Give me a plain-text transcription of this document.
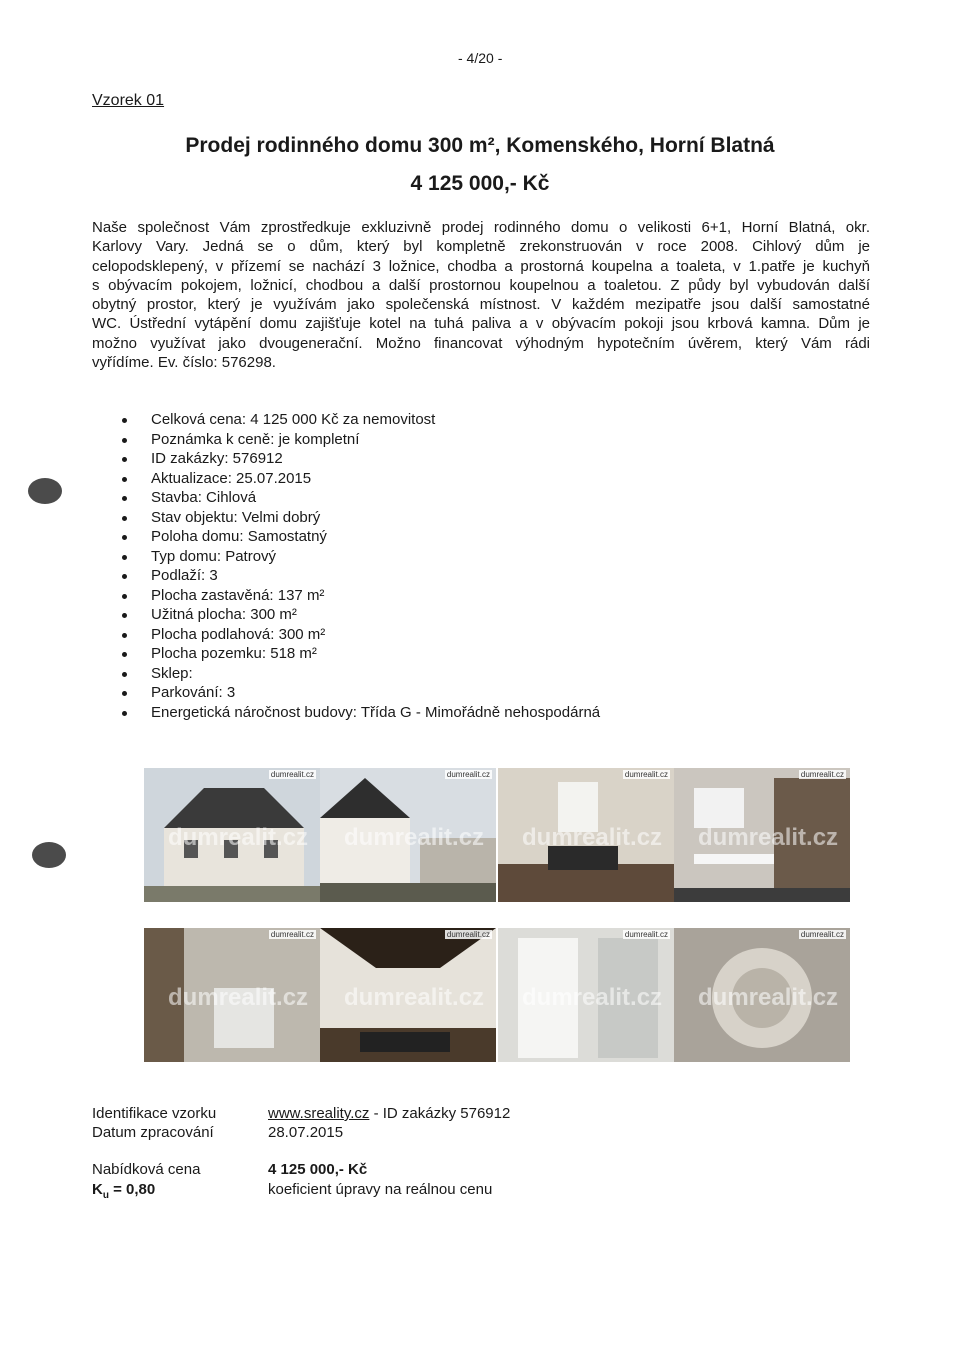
- 4/20 -
Vzorek 01
Prodej rodinného domu 300 m², Komenského, Horní Blatná
4 125 000,- Kč
Naše společnost Vám zprostředkuje exkluzivně prodej rodinného domu o velikosti 6+1, Horní Blatná, okr.
Karlovy Vary. Jedná se o dům, který byl kompletně zrekonstruován v roce 2008. Cihlový dům je
celopodsklepený, v přízemí se nachází 3 ložnice, chodba a prostorná koupelna a toaleta, v 1.patře je kuchyň
s obývacím pokojem, ložnicí, chodbou a další prostornou koupelnou a toaletou. Z půdy byl vybudován další
obytný prostor, který je využívám jako společenská místnost. V každém mezipatře jsou další samostatné
WC. Ústřední vytápění domu zajišťuje kotel na tuhá paliva a v obývacím pokoji jsou krbová kamna. Dům je
možno využívat jako dvougenerační. Možno financovat výhodným hypotečním úvěrem, který Vám rádi
vyřídíme. Ev. číslo: 576298.
Celková cena: 4 125 000 Kč za nemovitost
Poznámka k ceně: je kompletní
ID zakázky: 576912
Aktualizace: 25.07.2015
Stavba: Cihlová
Stav objektu: Velmi dobrý
Poloha domu: Samostatný
Typ domu: Patrový
Podlaží: 3
Plocha zastavěná: 137 m²
Užitná plocha: 300 m²
Plocha podlahová: 300 m²
Plocha pozemku: 518 m²
Sklep:
Parkování: 3
Energetická náročnost budovy: Třída G - Mimořádně nehospodárná
dumrealit.cz
dumrealit.cz
dumrealit.cz
dumrealit.cz
dumrealit.cz
dumrealit.cz
dumrealit.cz
dumrealit.cz
dumrealit.cz
dumrealit.cz
dumrealit.cz
dumrealit.cz
dumrealit.cz
dumrealit.cz
dumrealit.cz
dumrealit.cz
Identifikace vzorku	www.sreality.cz - ID zakázky 576912
Datum zpracování	28.07.2015
Nabídková cena	4 125 000,- Kč
$K_u = 0,80$	koeficient úpravy na reálnou cenu
